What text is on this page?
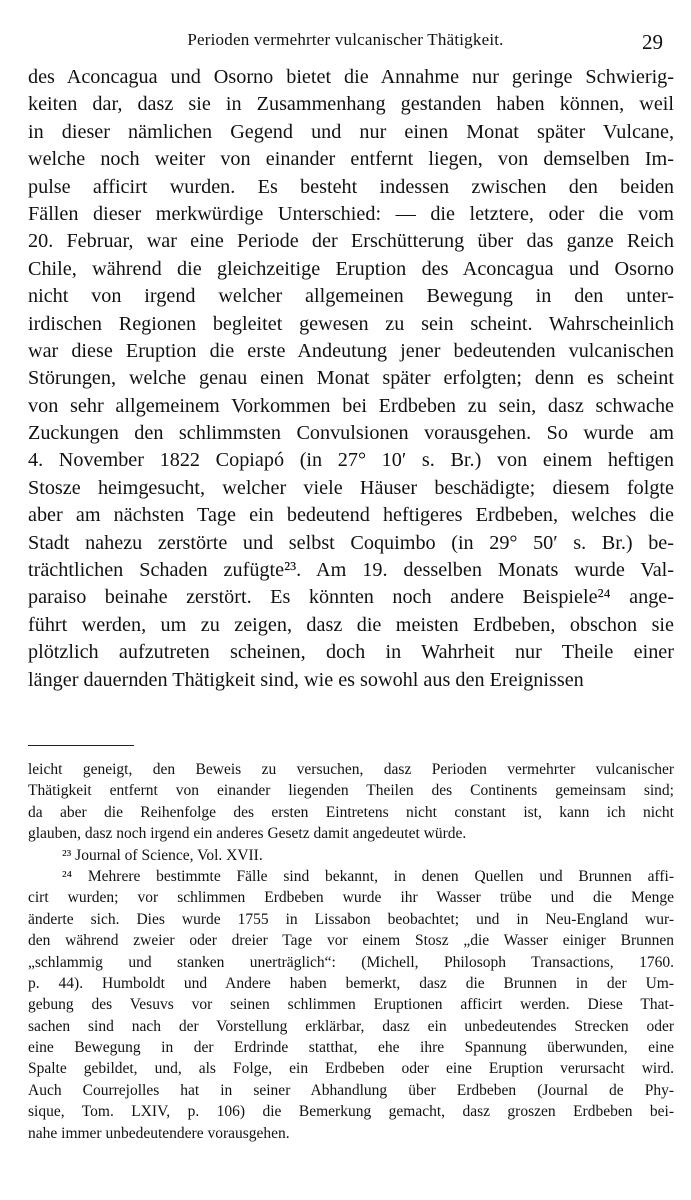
Perioden vermehrter vulcanischer Thätigkeit.	29
des Aconcagua und Osorno bietet die Annahme nur geringe Schwierig-
keiten dar, dasz sie in Zusammenhang gestanden haben können, weil
in dieser nämlichen Gegend und nur einen Monat später Vulcane,
welche noch weiter von einander entfernt liegen, von demselben Im-
pulse afficirt wurden. Es besteht indessen zwischen den beiden
Fällen dieser merkwürdige Unterschied: — die letztere, oder die vom
20. Februar, war eine Periode der Erschütterung über das ganze Reich
Chile, während die gleichzeitige Eruption des Aconcagua und Osorno
nicht von irgend welcher allgemeinen Bewegung in den unter-
irdischen Regionen begleitet gewesen zu sein scheint. Wahrscheinlich
war diese Eruption die erste Andeutung jener bedeutenden vulcanischen
Störungen, welche genau einen Monat später erfolgten; denn es scheint
von sehr allgemeinem Vorkommen bei Erdbeben zu sein, dasz schwache
Zuckungen den schlimmsten Convulsionen vorausgehen. So wurde am
4. November 1822 Copiapó (in 27° 10′ s. Br.) von einem heftigen
Stosze heimgesucht, welcher viele Häuser beschädigte; diesem folgte
aber am nächsten Tage ein bedeutend heftigeres Erdbeben, welches die
Stadt nahezu zerstörte und selbst Coquimbo (in 29° 50′ s. Br.) be-
trächtlichen Schaden zufügte²³. Am 19. desselben Monats wurde Val-
paraiso beinahe zerstört. Es könnten noch andere Beispiele²⁴ ange-
führt werden, um zu zeigen, dasz die meisten Erdbeben, obschon sie
plötzlich aufzutreten scheinen, doch in Wahrheit nur Theile einer
länger dauernden Thätigkeit sind, wie es sowohl aus den Ereignissen
leicht geneigt, den Beweis zu versuchen, dasz Perioden vermehrter vulcanischer
Thätigkeit entfernt von einander liegenden Theilen des Continents gemeinsam sind;
da aber die Reihenfolge des ersten Eintretens nicht constant ist, kann ich nicht
glauben, dasz noch irgend ein anderes Gesetz damit angedeutet würde.
²³ Journal of Science, Vol. XVII.
²⁴ Mehrere bestimmte Fälle sind bekannt, in denen Quellen und Brunnen affi-
cirt wurden; vor schlimmen Erdbeben wurde ihr Wasser trübe und die Menge
änderte sich. Dies wurde 1755 in Lissabon beobachtet; und in Neu-England wur-
den während zweier oder dreier Tage vor einem Stosz „die Wasser einiger Brunnen
„schlammig und stanken unerträglich“: (Michell, Philosoph Transactions, 1760.
p. 44). Humboldt und Andere haben bemerkt, dasz die Brunnen in der Um-
gebung des Vesuvs vor seinen schlimmen Eruptionen afficirt werden. Diese That-
sachen sind nach der Vorstellung erklärbar, dasz ein unbedeutendes Strecken oder
eine Bewegung in der Erdrinde statthat, ehe ihre Spannung überwunden, eine
Spalte gebildet, und, als Folge, ein Erdbeben oder eine Eruption verursacht wird.
Auch Courrejolles hat in seiner Abhandlung über Erdbeben (Journal de Phy-
sique, Tom. LXIV, p. 106) die Bemerkung gemacht, dasz groszen Erdbeben bei-
nahe immer unbedeutendere vorausgehen.
